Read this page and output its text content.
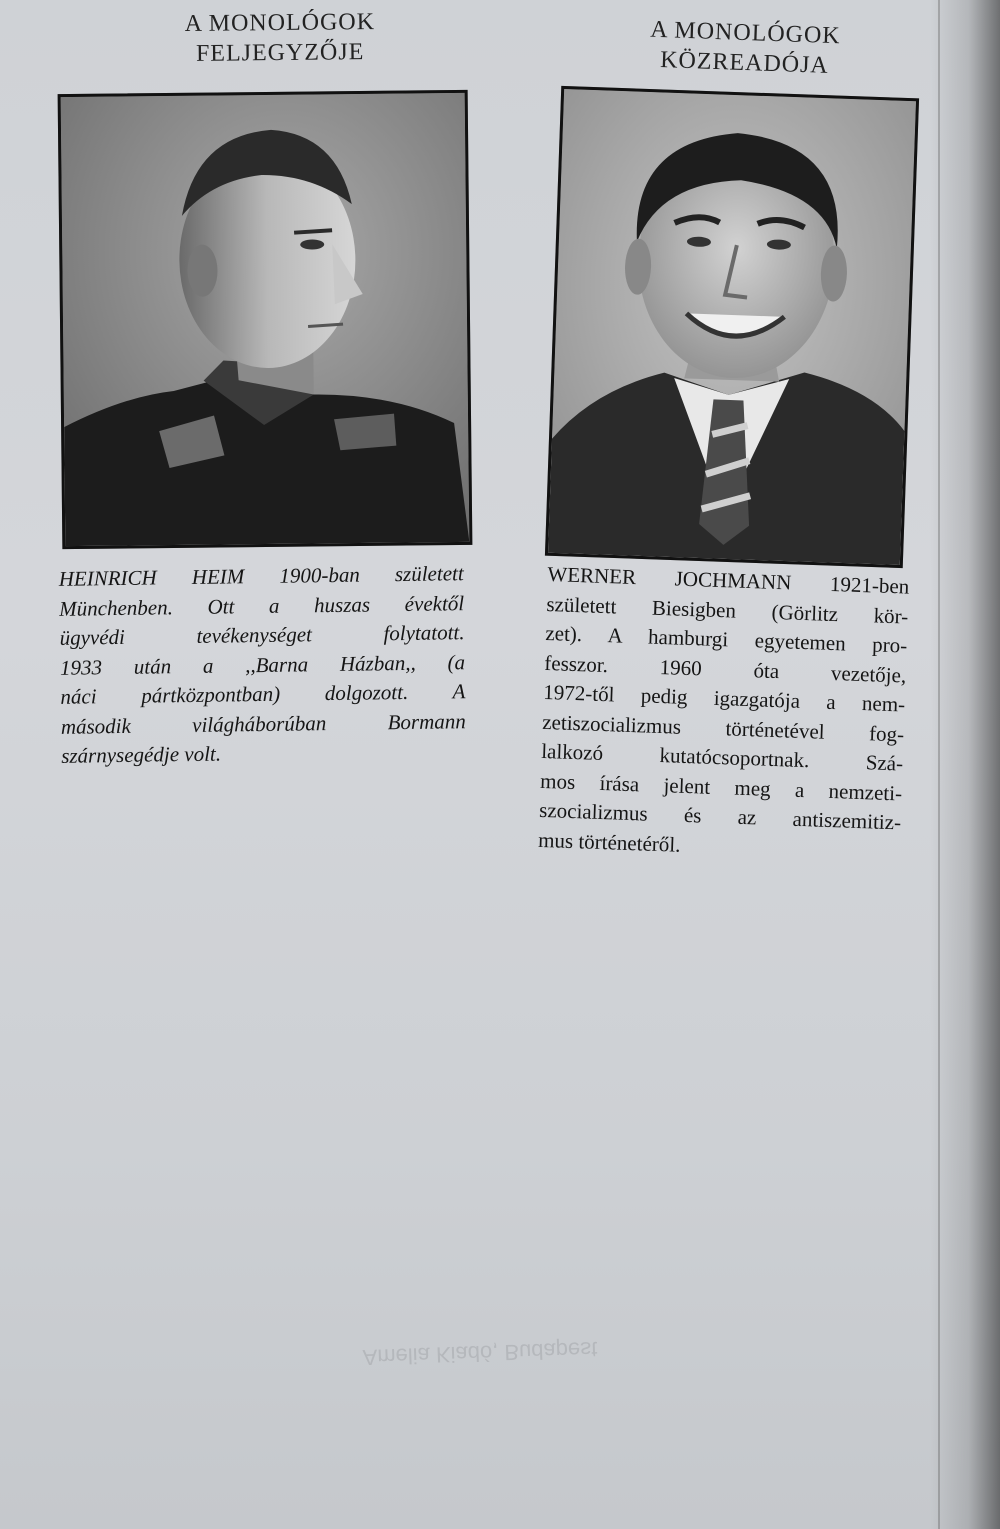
A MONOLÓGOK
FELJEGYZŐJE
A MONOLÓGOK
KÖZREADÓJA
HEINRICH HEIM 1900-ban született
Münchenben. Ott a huszas évektől
ügyvédi tevékenységet folytatott.
1933 után a ,,Barna Házban,, (a
náci pártközpontban) dolgozott. A
második világháborúban Bormann
szárnysegédje volt.
WERNER JOCHMANN 1921-ben
született Biesigben (Görlitz kör-
zet). A hamburgi egyetemen pro-
fesszor. 1960 óta vezetője,
1972-től pedig igazgatója a nem-
zetiszocializmus történetével fog-
lalkozó kutatócsoportnak. Szá-
mos írása jelent meg a nemzeti-
szocializmus és az antiszemitiz-
mus történetéről.
Amelia Kiadó, Budapest
